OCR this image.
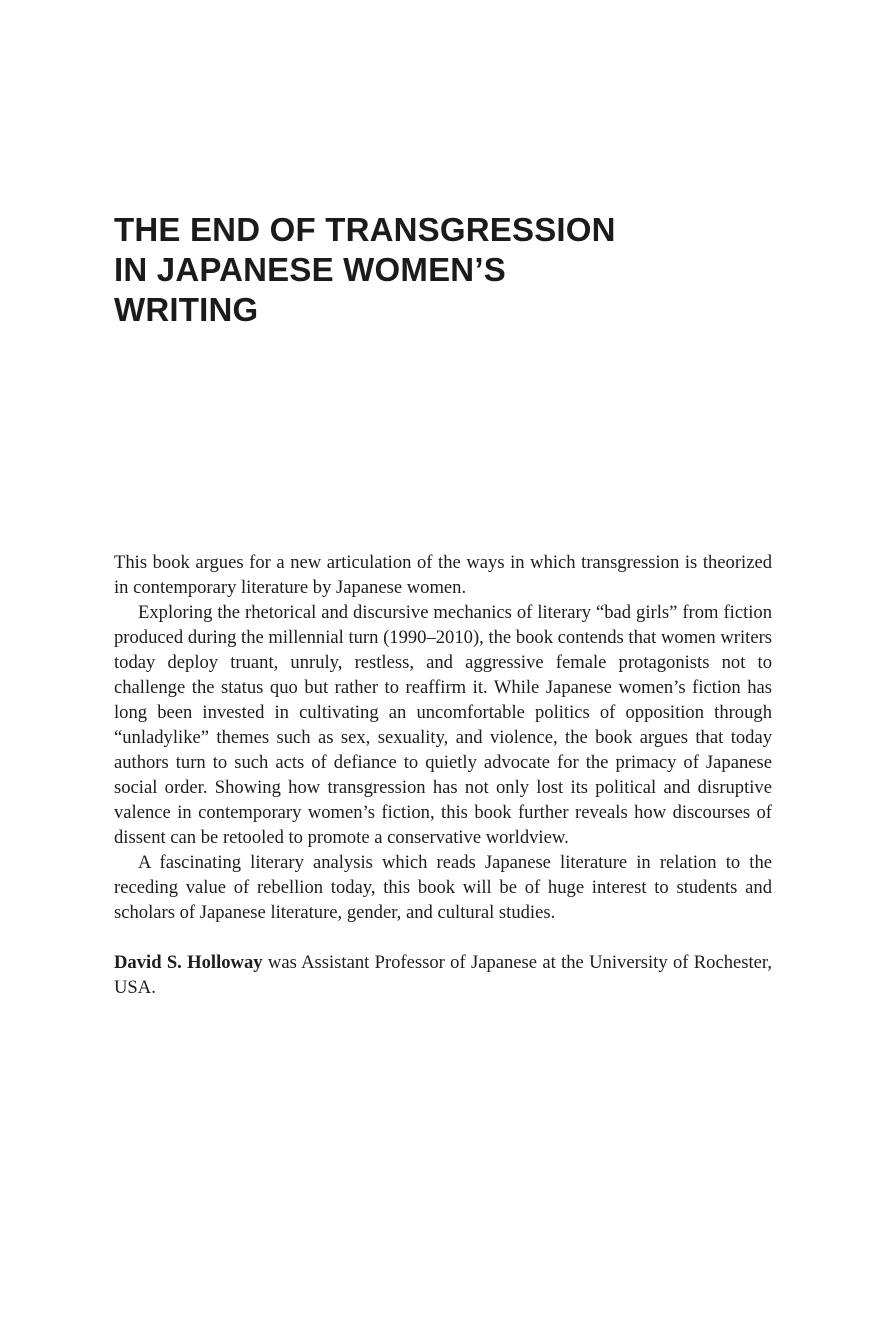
THE END OF TRANSGRESSION
IN JAPANESE WOMEN’S
WRITING

This book argues for a new articulation of the ways in which transgression is theorized in contemporary literature by Japanese women.

Exploring the rhetorical and discursive mechanics of literary “bad girls” from fiction produced during the millennial turn (1990–2010), the book contends that women writers today deploy truant, unruly, restless, and aggressive female protagonists not to challenge the status quo but rather to reaffirm it. While Japanese women’s fiction has long been invested in cultivating an uncomfortable politics of opposition through “unladylike” themes such as sex, sexuality, and violence, the book argues that today authors turn to such acts of defiance to quietly advocate for the primacy of Japanese social order. Showing how transgression has not only lost its political and disruptive valence in contemporary women’s fiction, this book further reveals how discourses of dissent can be retooled to promote a conservative worldview.

A fascinating literary analysis which reads Japanese literature in relation to the receding value of rebellion today, this book will be of huge interest to students and scholars of Japanese literature, gender, and cultural studies.

David S. Holloway was Assistant Professor of Japanese at the University of Rochester, USA.
